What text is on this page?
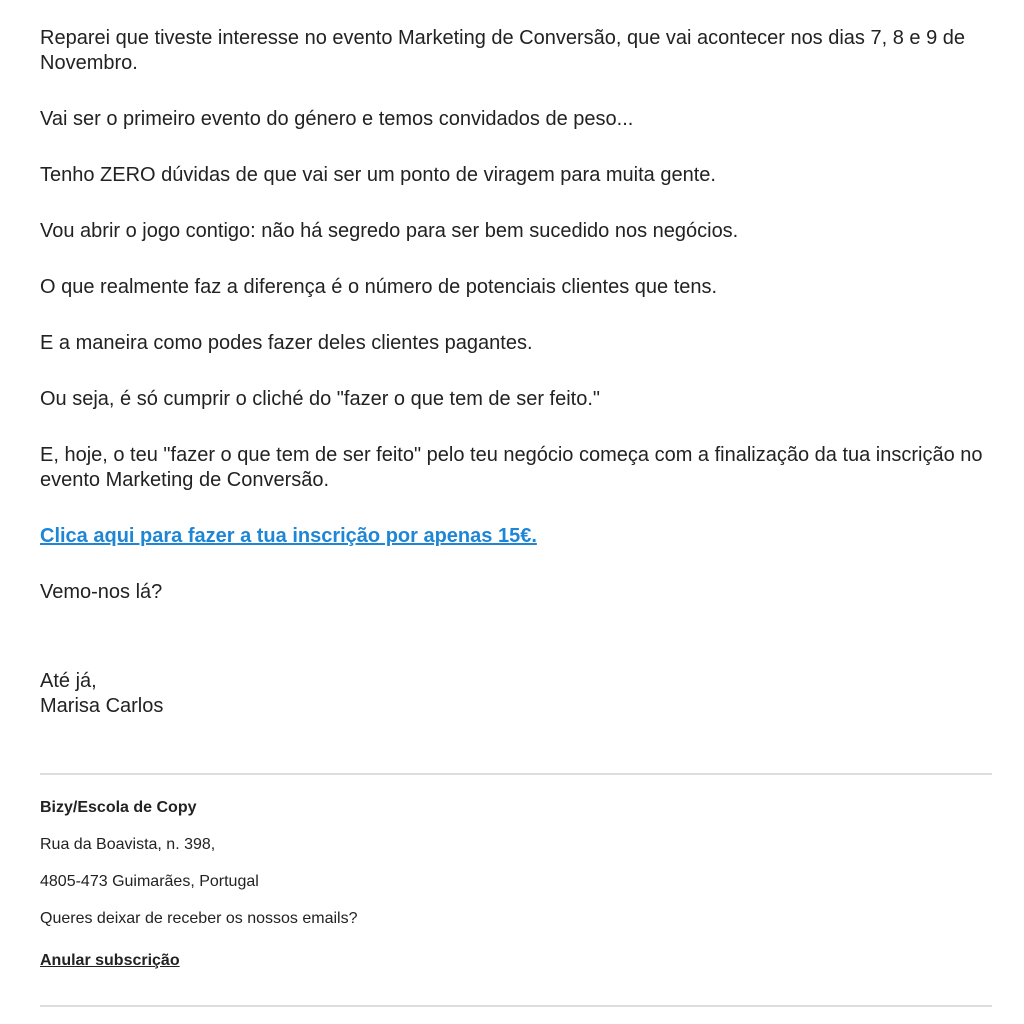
Reparei que tiveste interesse no evento Marketing de Conversão, que vai acontecer nos dias 7, 8 e 9 de Novembro.

Vai ser o primeiro evento do género e temos convidados de peso...

Tenho ZERO dúvidas de que vai ser um ponto de viragem para muita gente.

Vou abrir o jogo contigo: não há segredo para ser bem sucedido nos negócios.

O que realmente faz a diferença é o número de potenciais clientes que tens.

E a maneira como podes fazer deles clientes pagantes.

Ou seja, é só cumprir o cliché do "fazer o que tem de ser feito."

E, hoje, o teu "fazer o que tem de ser feito" pelo teu negócio começa com a finalização da tua inscrição no evento Marketing de Conversão.

Clica aqui para fazer a tua inscrição por apenas 15€.

Vemo-nos lá?

Até já,
Marisa Carlos
Bizy/Escola de Copy
Rua da Boavista, n. 398,
4805-473 Guimarães, Portugal
Queres deixar de receber os nossos emails?
Anular subscrição
